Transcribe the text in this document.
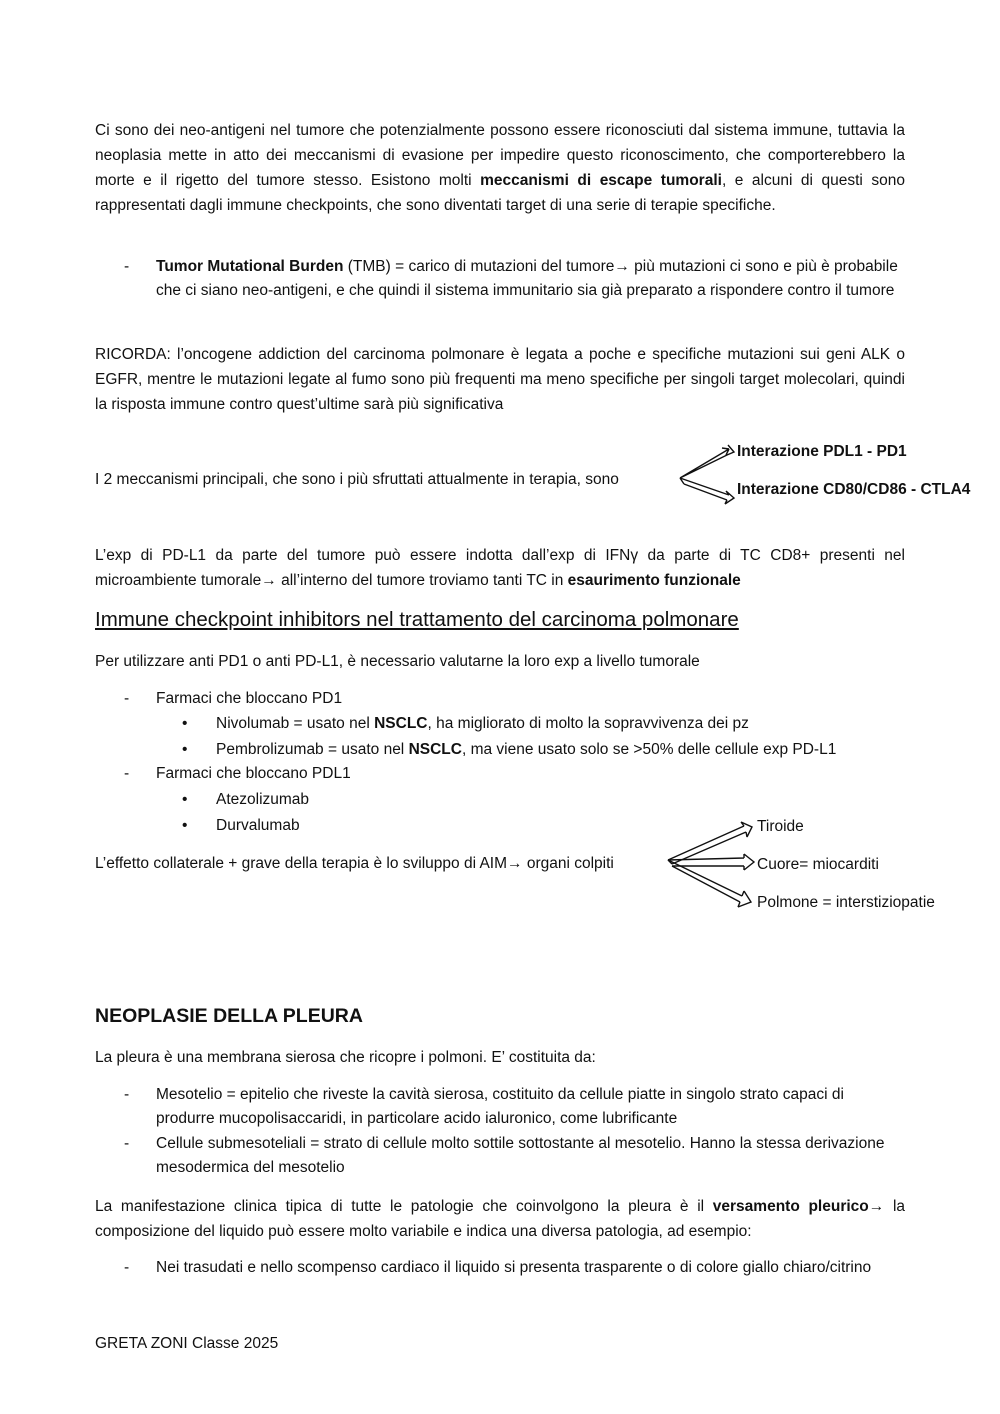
Ci sono dei neo-antigeni nel tumore che potenzialmente possono essere riconosciuti dal sistema immune, tuttavia la neoplasia mette in atto dei meccanismi di evasione per impedire questo riconoscimento, che comporterebbero la morte e il rigetto del tumore stesso. Esistono molti meccanismi di escape tumorali, e alcuni di questi sono rappresentati dagli immune checkpoints, che sono diventati target di una serie di terapie specifiche.

- Tumor Mutational Burden (TMB) = carico di mutazioni del tumore→ più mutazioni ci sono e più è probabile che ci siano neo-antigeni, e che quindi il sistema immunitario sia già preparato a rispondere contro il tumore

RICORDA: l’oncogene addiction del carcinoma polmonare è legata a poche e specifiche mutazioni sui geni ALK o EGFR, mentre le mutazioni legate al fumo sono più frequenti ma meno specifiche per singoli target molecolari, quindi la risposta immune contro quest’ultime sarà più significativa

I 2 meccanismi principali, che sono i più sfruttati attualmente in terapia, sono

Interazione PDL1 - PD1
Interazione CD80/CD86 - CTLA4

L’exp di PD-L1 da parte del tumore può essere indotta dall’exp di IFNγ da parte di TC CD8+ presenti nel microambiente tumorale→ all’interno del tumore troviamo tanti TC in esaurimento funzionale

Immune checkpoint inhibitors nel trattamento del carcinoma polmonare

Per utilizzare anti PD1 o anti PD-L1, è necessario valutarne la loro exp a livello tumorale

- Farmaci che bloccano PD1
• Nivolumab = usato nel NSCLC, ha migliorato di molto la sopravvivenza dei pz
• Pembrolizumab = usato nel NSCLC, ma viene usato solo se >50% delle cellule exp PD-L1
- Farmaci che bloccano PDL1
• Atezolizumab
• Durvalumab

L’effetto collaterale + grave della terapia è lo sviluppo di AIM→ organi colpiti

Tiroide
Cuore= miocarditi
Polmone = interstiziopatie
NEOPLASIE DELLA PLEURA

La pleura è una membrana sierosa che ricopre i polmoni. E’ costituita da:

- Mesotelio = epitelio che riveste la cavità sierosa, costituito da cellule piatte in singolo strato capaci di produrre mucopolisaccaridi, in particolare acido ialuronico, come lubrificante

- Cellule submesoteliali = strato di cellule molto sottile sottostante al mesotelio. Hanno la stessa derivazione mesodermica del mesotelio

La manifestazione clinica tipica di tutte le patologie che coinvolgono la pleura è il versamento pleurico→ la composizione del liquido può essere molto variabile e indica una diversa patologia, ad esempio:

- Nei trasudati e nello scompenso cardiaco il liquido si presenta trasparente o di colore giallo chiaro/citrino

GRETA ZONI Classe 2025
